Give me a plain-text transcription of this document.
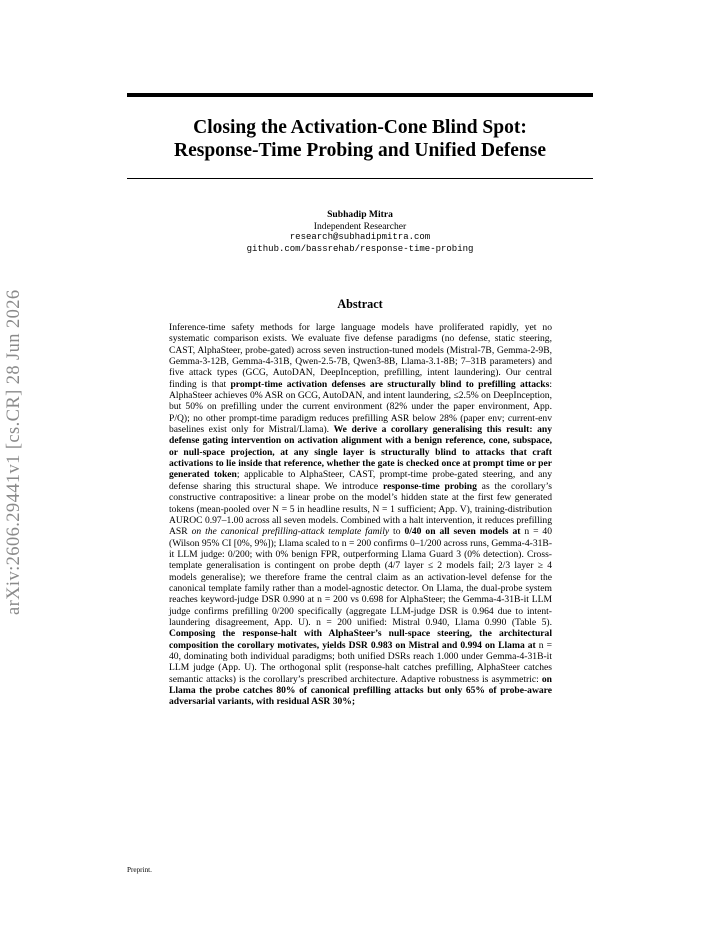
arXiv:2606.29441v1 [cs.CR] 28 Jun 2026
Closing the Activation-Cone Blind Spot:
Response-Time Probing and Unified Defense
Subhadip Mitra
Independent Researcher
research@subhadipmitra.com
github.com/bassrehab/response-time-probing
Abstract
Inference-time safety methods for large language models have proliferated rapidly, yet no systematic comparison exists. We evaluate five defense paradigms (no defense, static steering, CAST, AlphaSteer, probe-gated) across seven instruction-tuned models (Mistral-7B, Gemma-2-9B, Gemma-3-12B, Gemma-4-31B, Qwen-2.5-7B, Qwen3-8B, Llama-3.1-8B; 7–31B parameters) and five attack types (GCG, AutoDAN, DeepInception, prefilling, intent laundering). Our central finding is that prompt-time activation defenses are structurally blind to prefilling attacks: AlphaSteer achieves 0% ASR on GCG, AutoDAN, and intent laundering, ≤2.5% on DeepInception, but 50% on prefilling under the current environment (82% under the paper environment, App. P/Q); no other prompt-time paradigm reduces prefilling ASR below 28% (paper env; current-env baselines exist only for Mistral/Llama). We derive a corollary generalising this result: any defense gating intervention on activation alignment with a benign reference, cone, subspace, or null-space projection, at any single layer is structurally blind to attacks that craft activations to lie inside that reference, whether the gate is checked once at prompt time or per generated token; applicable to AlphaSteer, CAST, prompt-time probe-gated steering, and any defense sharing this structural shape. We introduce response-time probing as the corollary’s constructive contrapositive: a linear probe on the model’s hidden state at the first few generated tokens (mean-pooled over N = 5 in headline results, N = 1 sufficient; App. V), training-distribution AUROC 0.97–1.00 across all seven models. Combined with a halt intervention, it reduces prefilling ASR on the canonical prefilling-attack template family to 0/40 on all seven models at n = 40 (Wilson 95% CI [0%, 9%]); Llama scaled to n = 200 confirms 0–1/200 across runs, Gemma-4-31B-it LLM judge: 0/200; with 0% benign FPR, outperforming Llama Guard 3 (0% detection). Cross-template generalisation is contingent on probe depth (4/7 layer ≤ 2 models fail; 2/3 layer ≥ 4 models generalise); we therefore frame the central claim as an activation-level defense for the canonical template family rather than a model-agnostic detector. On Llama, the dual-probe system reaches keyword-judge DSR 0.990 at n = 200 vs 0.698 for AlphaSteer; the Gemma-4-31B-it LLM judge confirms prefilling 0/200 specifically (aggregate LLM-judge DSR is 0.964 due to intent-laundering disagreement, App. U). n = 200 unified: Mistral 0.940, Llama 0.990 (Table 5). Composing the response-halt with AlphaSteer’s null-space steering, the architectural composition the corollary motivates, yields DSR 0.983 on Mistral and 0.994 on Llama at n = 40, dominating both individual paradigms; both unified DSRs reach 1.000 under Gemma-4-31B-it LLM judge (App. U). The orthogonal split (response-halt catches prefilling, AlphaSteer catches semantic attacks) is the corollary’s prescribed architecture. Adaptive robustness is asymmetric: on Llama the probe catches 80% of canonical prefilling attacks but only 65% of probe-aware adversarial variants, with residual ASR 30%;
Preprint.
